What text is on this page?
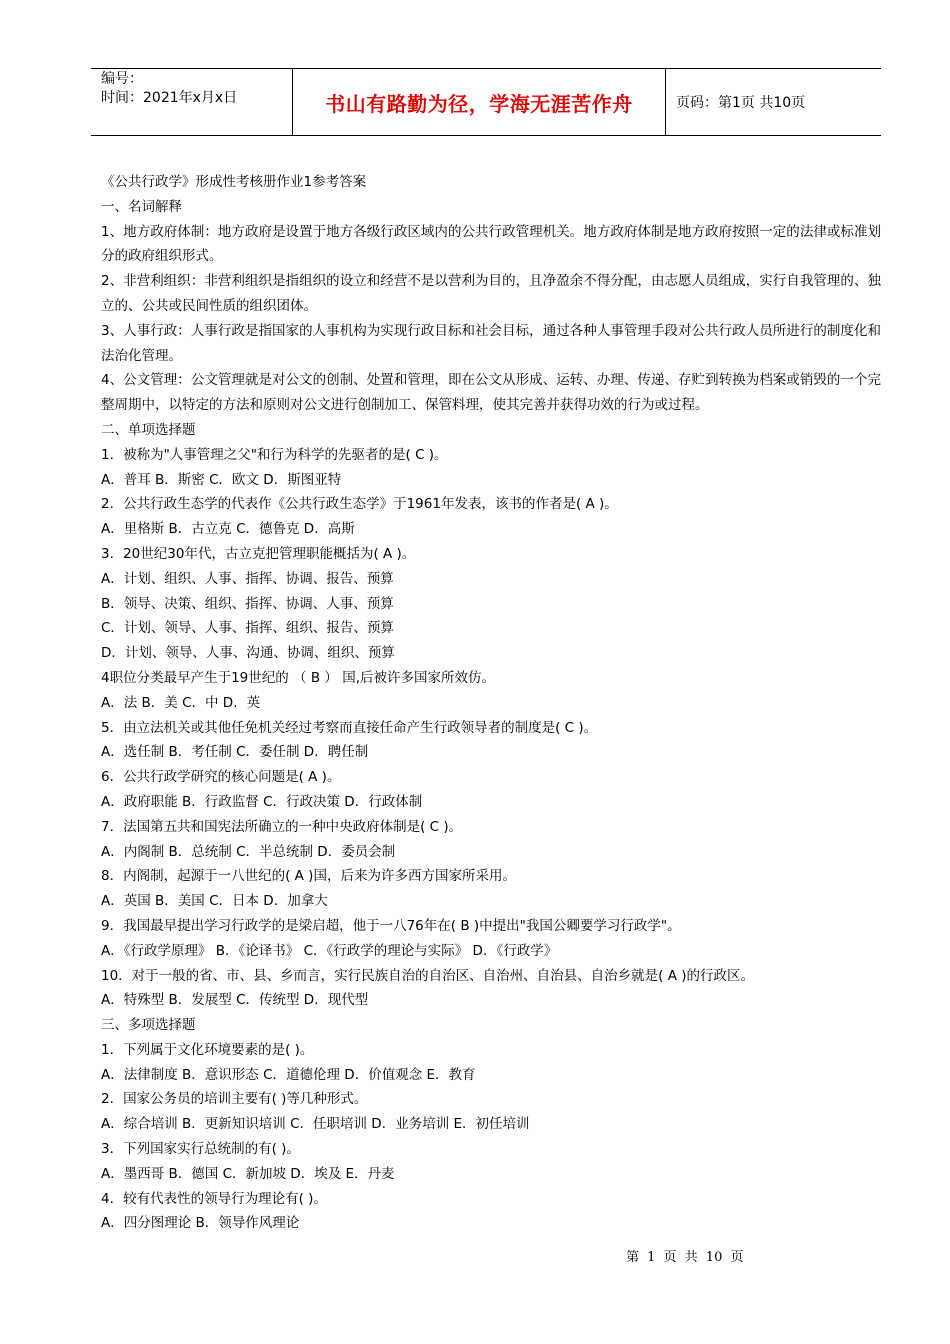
编号：
时间：2021年x月x日	书山有路勤为径，学海无涯苦作舟	页码：第1页 共10页
《公共行政学》形成性考核册作业1参考答案
一、名词解释
1、地方政府体制：地方政府是设置于地方各级行政区域内的公共行政管理机关。地方政府体制是地方政府按照一定的法律或标准划分的政府组织形式。
2、非营利组织：非营利组织是指组织的设立和经营不是以营利为目的，且净盈余不得分配，由志愿人员组成，实行自我管理的、独立的、公共或民间性质的组织团体。
3、人事行政：人事行政是指国家的人事机构为实现行政目标和社会目标，通过各种人事管理手段对公共行政人员所进行的制度化和法治化管理。
4、公文管理：公文管理就是对公文的创制、处置和管理，即在公文从形成、运转、办理、传递、存贮到转换为档案或销毁的一个完整周期中，以特定的方法和原则对公文进行创制加工、保管料理，使其完善并获得功效的行为或过程。
二、单项选择题
1．被称为"人事管理之父"和行为科学的先驱者的是( C )。
A．普耳 B．斯密 C．欧文 D．斯图亚特
2．公共行政生态学的代表作《公共行政生态学》于1961年发表，该书的作者是( A )。
A．里格斯 B．古立克 C．德鲁克 D．高斯
3．20世纪30年代，古立克把管理职能概括为( A )。
A．计划、组织、人事、指挥、协调、报告、预算
B．领导、决策、组织、指挥、协调、人事、预算
C．计划、领导、人事、指挥、组织、报告、预算
D．计划、领导、人事、沟通、协调、组织、预算
4职位分类最早产生于19世纪的 （ B ） 国,后被许多国家所效仿。
A．法 B．美 C．中 D．英
5．由立法机关或其他任免机关经过考察而直接任命产生行政领导者的制度是( C )。
A．选任制 B．考任制 C．委任制 D．聘任制
6．公共行政学研究的核心问题是( A )。
A．政府职能 B．行政监督 C．行政决策 D．行政体制
7．法国第五共和国宪法所确立的一种中央政府体制是( C )。
A．内阁制 B．总统制 C．半总统制 D．委员会制
8．内阁制，起源于一八世纪的( A )国，后来为许多西方国家所采用。
A．英国 B．美国 C．日本 D．加拿大
9．我国最早提出学习行政学的是梁启超，他于一八76年在( B )中提出"我国公卿要学习行政学"。
A．《行政学原理》 B．《论译书》 C．《行政学的理论与实际》 D．《行政学》
10．对于一般的省、市、县、乡而言，实行民族自治的自治区、自治州、自治县、自治乡就是( A )的行政区。
A．特殊型 B．发展型 C．传统型 D．现代型
三、多项选择题
1．下列属于文化环境要素的是( )。
A．法律制度 B．意识形态 C．道德伦理 D．价值观念 E．教育
2．国家公务员的培训主要有( )等几种形式。
A．综合培训 B．更新知识培训 C．任职培训 D．业务培训 E．初任培训
3．下列国家实行总统制的有( )。
A．墨西哥 B．德国 C．新加坡 D．埃及 E．丹麦
4．较有代表性的领导行为理论有( )。
A．四分图理论 B．领导作风理论
第 1 页 共 10 页
